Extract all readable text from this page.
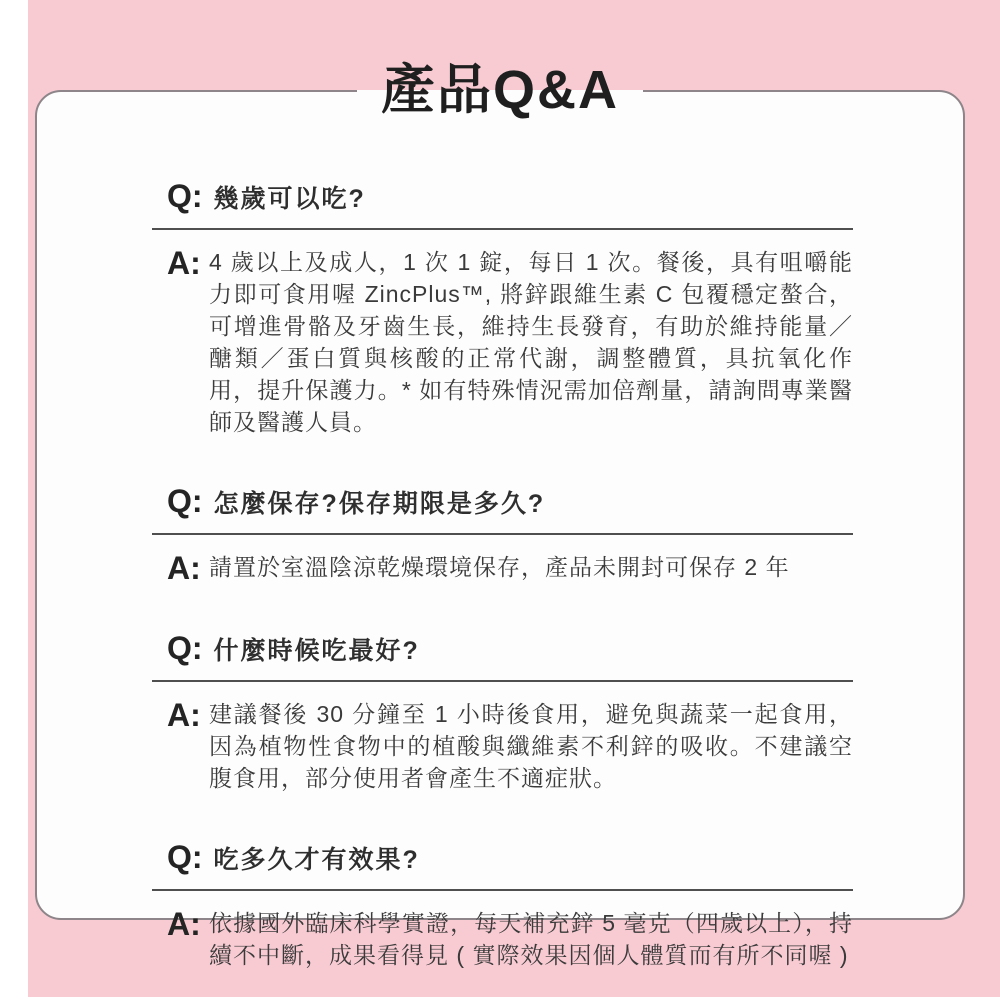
Q: 幾歲可以吃?
A: 4 歲以上及成人，1 次 1 錠，每日 1 次。餐後，具有咀嚼能力即可食用喔 ZincPlus™, 將鋅跟維生素 C 包覆穩定螯合，可增進骨骼及牙齒生長，維持生長發育，有助於維持能量／醣類／蛋白質與核酸的正常代謝，調整體質，具抗氧化作用，提升保護力。* 如有特殊情況需加倍劑量，請詢問專業醫師及醫護人員。

Q: 怎麼保存?保存期限是多久?
A: 請置於室溫陰涼乾燥環境保存，產品未開封可保存 2 年

Q: 什麼時候吃最好?
A: 建議餐後 30 分鐘至 1 小時後食用，避免與蔬菜一起食用，因為植物性食物中的植酸與纖維素不利鋅的吸收。不建議空腹食用，部分使用者會產生不適症狀。

Q: 吃多久才有效果?
A: 依據國外臨床科學實證，每天補充鋅 5 毫克（四歲以上），持續不中斷，成果看得見 ( 實際效果因個人體質而有所不同喔 )

產品Q&A
